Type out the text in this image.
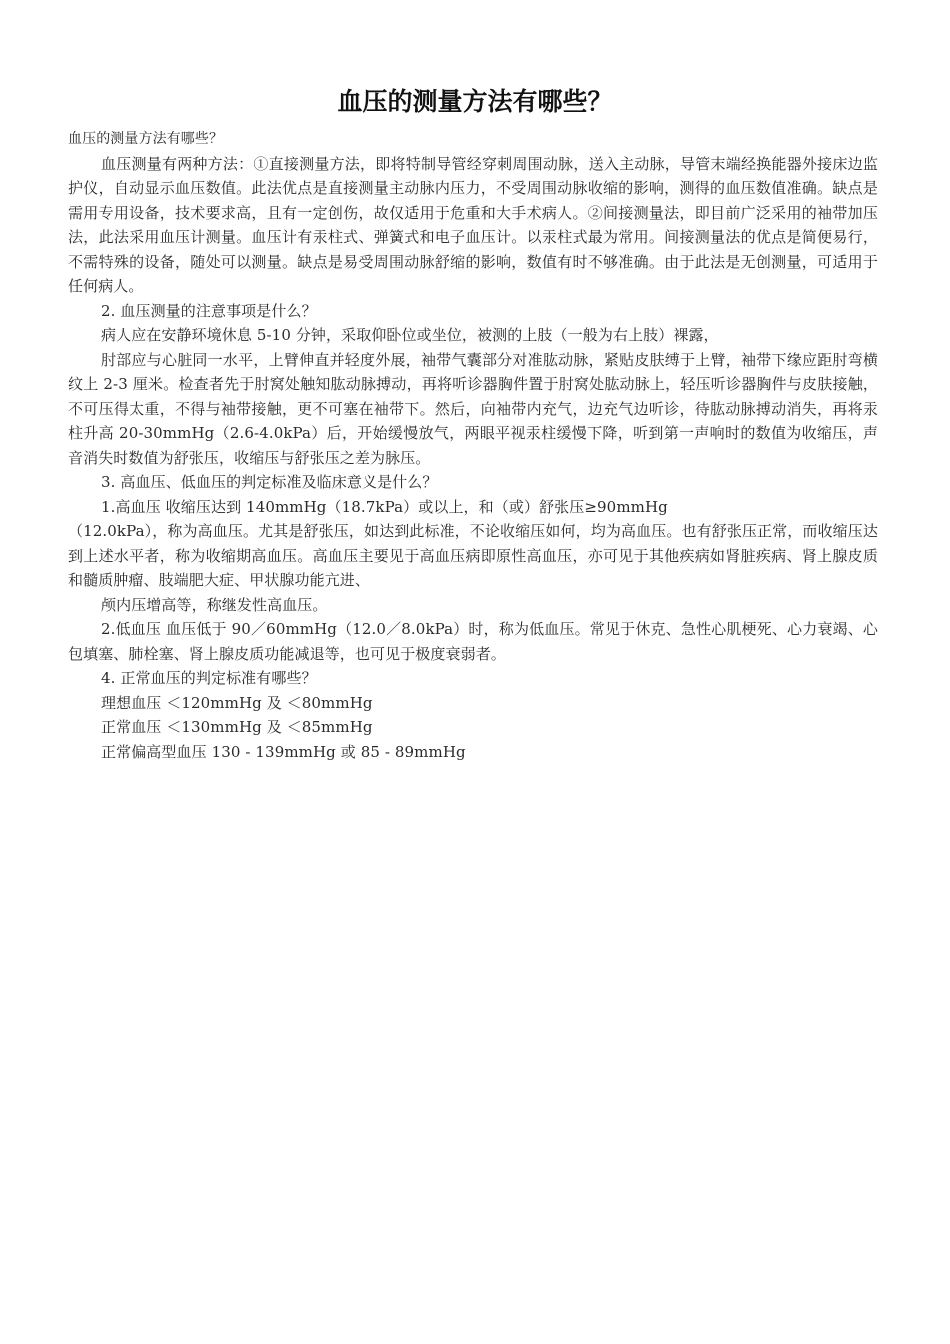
血压的测量方法有哪些？

血压的测量方法有哪些？

血压测量有两种方法：①直接测量方法，即将特制导管经穿刺周围动脉，送入主动脉，导管末端经换能器外接床边监护仪，自动显示血压数值。此法优点是直接测量主动脉内压力，不受周围动脉收缩的影响，测得的血压数值准确。缺点是需用专用设备，技术要求高，且有一定创伤，故仅适用于危重和大手术病人。②间接测量法，即目前广泛采用的袖带加压法，此法采用血压计测量。血压计有汞柱式、弹簧式和电子血压计。以汞柱式最为常用。间接测量法的优点是简便易行，不需特殊的设备，随处可以测量。缺点是易受周围动脉舒缩的影响，数值有时不够准确。由于此法是无创测量，可适用于任何病人。

2. 血压测量的注意事项是什么？

病人应在安静环境休息 5-10 分钟，采取仰卧位或坐位，被测的上肢（一般为右上肢）裸露，

肘部应与心脏同一水平，上臂伸直并轻度外展，袖带气囊部分对准肱动脉，紧贴皮肤缚于上臂，袖带下缘应距肘弯横纹上 2-3 厘米。检查者先于肘窝处触知肱动脉搏动，再将听诊器胸件置于肘窝处肱动脉上，轻压听诊器胸件与皮肤接触，不可压得太重，不得与袖带接触，更不可塞在袖带下。然后，向袖带内充气，边充气边听诊，待肱动脉搏动消失，再将汞柱升高 20-30mmHg（2.6-4.0kPa）后，开始缓慢放气，两眼平视汞柱缓慢下降，听到第一声响时的数值为收缩压，声音消失时数值为舒张压，收缩压与舒张压之差为脉压。

3. 高血压、低血压的判定标准及临床意义是什么？

1.高血压 收缩压达到 140mmHg（18.7kPa）或以上，和（或）舒张压≥90mmHg

（12.0kPa），称为高血压。尤其是舒张压，如达到此标准，不论收缩压如何，均为高血压。也有舒张压正常，而收缩压达到上述水平者，称为收缩期高血压。高血压主要见于高血压病即原性高血压，亦可见于其他疾病如肾脏疾病、肾上腺皮质和髓质肿瘤、肢端肥大症、甲状腺功能亢进、

颅内压增高等，称继发性高血压。

2.低血压 血压低于 90／60mmHg（12.0／8.0kPa）时，称为低血压。常见于休克、急性心肌梗死、心力衰竭、心包填塞、肺栓塞、肾上腺皮质功能减退等，也可见于极度衰弱者。

4. 正常血压的判定标准有哪些？

理想血压 ＜120mmHg 及 ＜80mmHg

正常血压 ＜130mmHg 及 ＜85mmHg

正常偏高型血压 130 - 139mmHg 或 85 - 89mmHg
